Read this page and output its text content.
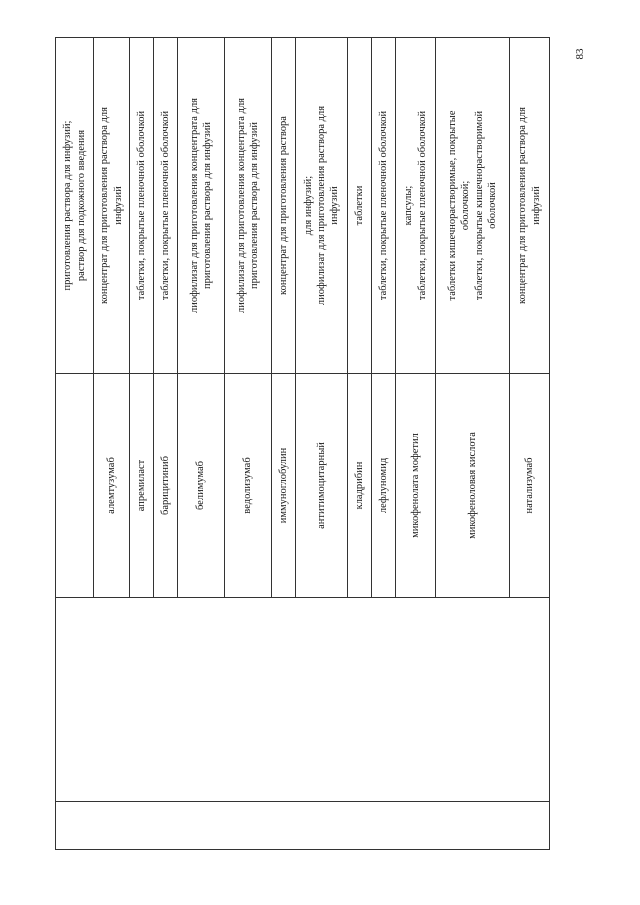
			приготовления раствора для инфузий; раствор для подкожного введения

		алемтузумаб	концентрат для приготовления раствора для инфузий

		апремиласт	таблетки, покрытые пленочной оболочкой

		барицитиниб	таблетки, покрытые пленочной оболочкой

		белимумаб	лиофилизат для приготовления концентрата для приготовления раствора для инфузий

		ведолизумаб	лиофилизат для приготовления концентрата для приготовления раствора для инфузий

		иммуноглобулин	концентрат для приготовления раствора

		антитимоцитарный	для инфузий; лиофилизат для приготовления раствора для инфузий

		кладрибин	таблетки

		лефлуномид	таблетки, покрытые пленочной оболочкой

		микофенолата мофетил	капсулы; таблетки, покрытые пленочной оболочкой

		микофеноловая кислота	таблетки кишечнорастворимые, покрытые оболочкой; таблетки, покрытые кишечнорастворимой оболочкой

		натализумаб	концентрат для приготовления раствора для инфузий
83
